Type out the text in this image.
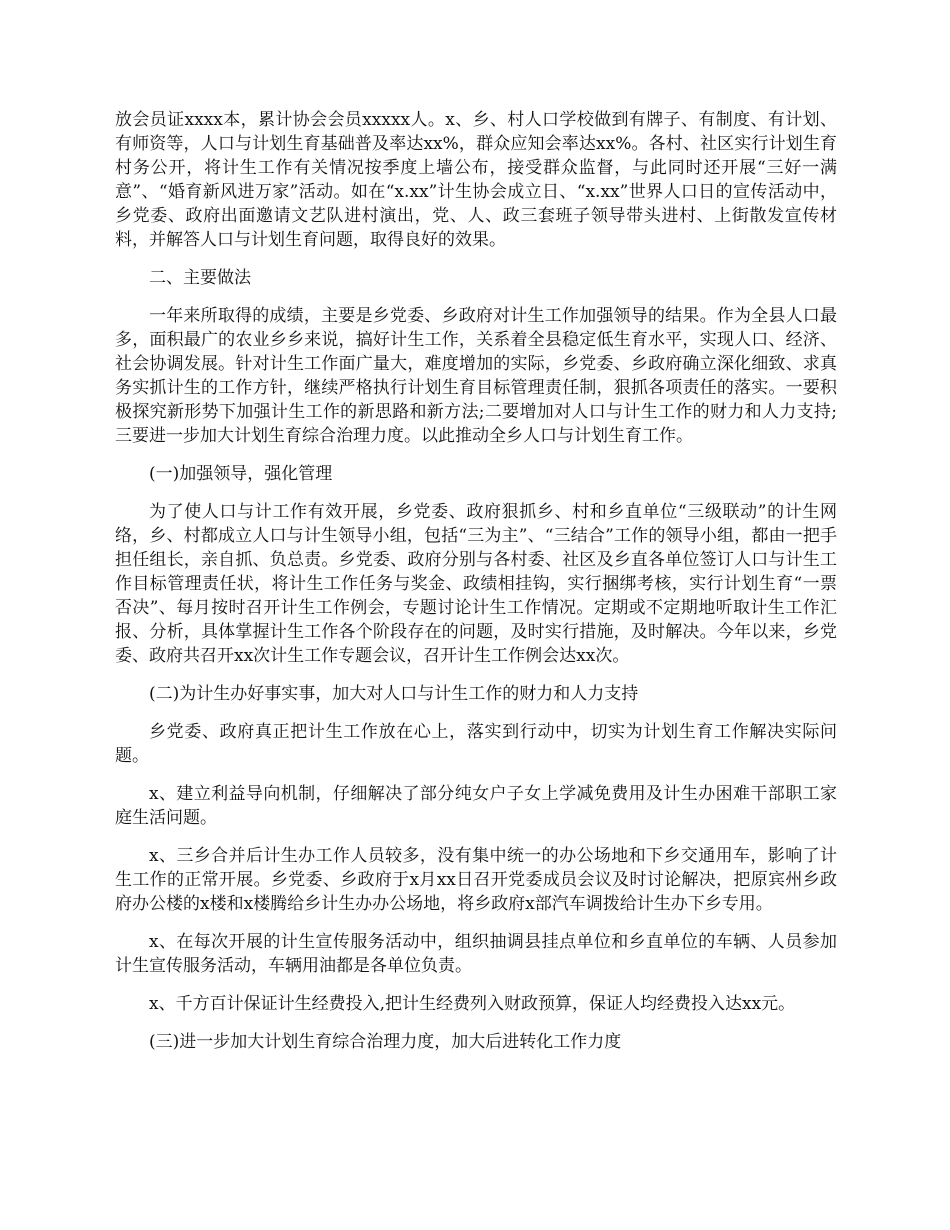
放会员证xxxx本，累计协会会员xxxxx人。x、乡、村人口学校做到有牌子、有制度、有计划、有师资等，人口与计划生育基础普及率达xx%，群众应知会率达xx%。各村、社区实行计划生育村务公开，将计生工作有关情况按季度上墙公布，接受群众监督，与此同时还开展“三好一满意”、“婚育新风进万家”活动。如在“x.xx”计生协会成立日、“x.xx”世界人口日的宣传活动中，乡党委、政府出面邀请文艺队进村演出，党、人、政三套班子领导带头进村、上街散发宣传材料，并解答人口与计划生育问题，取得良好的效果。

二、主要做法

一年来所取得的成绩，主要是乡党委、乡政府对计生工作加强领导的结果。作为全县人口最多，面积最广的农业乡乡来说，搞好计生工作，关系着全县稳定低生育水平，实现人口、经济、社会协调发展。针对计生工作面广量大，难度增加的实际，乡党委、乡政府确立深化细致、求真务实抓计生的工作方针，继续严格执行计划生育目标管理责任制，狠抓各项责任的落实。一要积极探究新形势下加强计生工作的新思路和新方法;二要增加对人口与计生工作的财力和人力支持;三要进一步加大计划生育综合治理力度。以此推动全乡人口与计划生育工作。

(一)加强领导，强化管理

为了使人口与计工作有效开展，乡党委、政府狠抓乡、村和乡直单位“三级联动”的计生网络，乡、村都成立人口与计生领导小组，包括“三为主”、“三结合”工作的领导小组，都由一把手担任组长，亲自抓、负总责。乡党委、政府分别与各村委、社区及乡直各单位签订人口与计生工作目标管理责任状，将计生工作任务与奖金、政绩相挂钩，实行捆绑考核，实行计划生育“一票否决”、每月按时召开计生工作例会，专题讨论计生工作情况。定期或不定期地听取计生工作汇报、分析，具体掌握计生工作各个阶段存在的问题，及时实行措施，及时解决。今年以来，乡党委、政府共召开xx次计生工作专题会议，召开计生工作例会达xx次。

(二)为计生办好事实事，加大对人口与计生工作的财力和人力支持

乡党委、政府真正把计生工作放在心上，落实到行动中，切实为计划生育工作解决实际问题。

x、建立利益导向机制，仔细解决了部分纯女户子女上学减免费用及计生办困难干部职工家庭生活问题。

x、三乡合并后计生办工作人员较多，没有集中统一的办公场地和下乡交通用车，影响了计生工作的正常开展。乡党委、乡政府于x月xx日召开党委成员会议及时讨论解决，把原宾州乡政府办公楼的x楼和x楼腾给乡计生办办公场地，将乡政府x部汽车调拨给计生办下乡专用。

x、在每次开展的计生宣传服务活动中，组织抽调县挂点单位和乡直单位的车辆、人员参加计生宣传服务活动，车辆用油都是各单位负责。

x、千方百计保证计生经费投入,把计生经费列入财政预算，保证人均经费投入达xx元。

(三)进一步加大计划生育综合治理力度，加大后进转化工作力度
